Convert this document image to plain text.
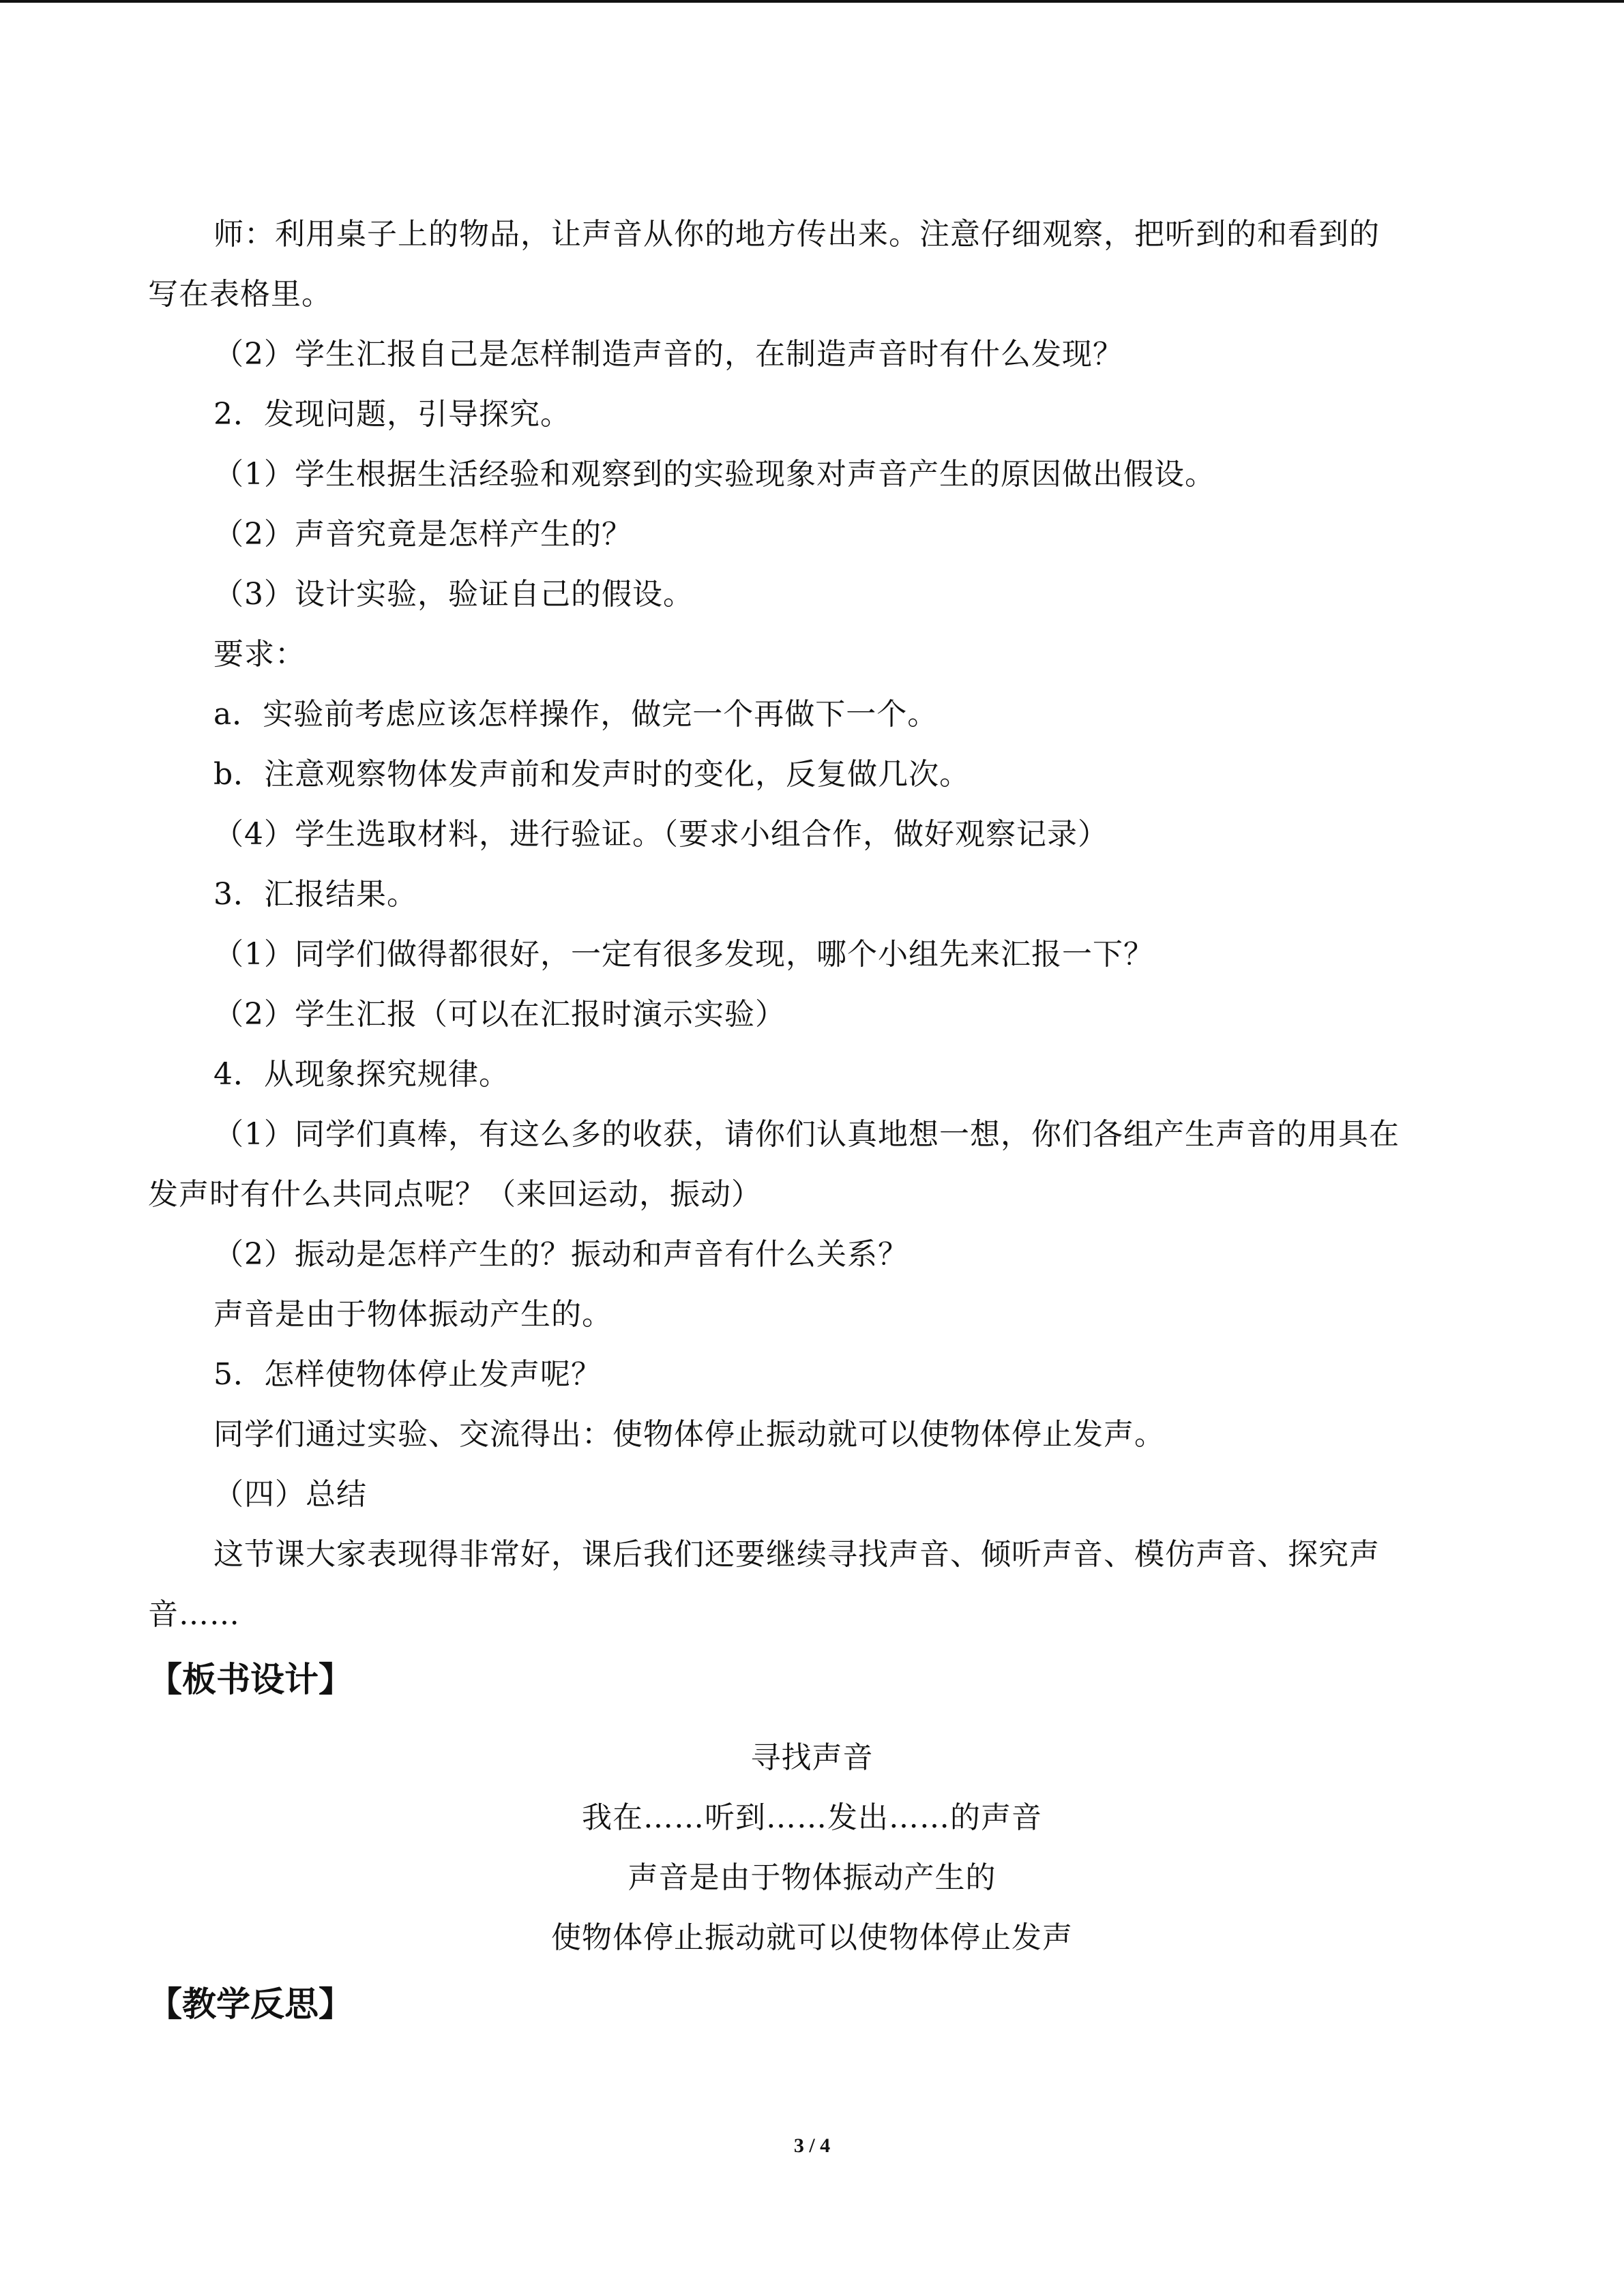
师：利用桌子上的物品，让声音从你的地方传出来。注意仔细观察，把听到的和看到的
写在表格里。
（2）学生汇报自己是怎样制造声音的，在制造声音时有什么发现？
2．发现问题，引导探究。
（1）学生根据生活经验和观察到的实验现象对声音产生的原因做出假设。
（2）声音究竟是怎样产生的？
（3）设计实验，验证自己的假设。
要求：
a．实验前考虑应该怎样操作，做完一个再做下一个。
b．注意观察物体发声前和发声时的变化，反复做几次。
（4）学生选取材料，进行验证。（要求小组合作，做好观察记录）
3．汇报结果。
（1）同学们做得都很好，一定有很多发现，哪个小组先来汇报一下？
（2）学生汇报（可以在汇报时演示实验）
4．从现象探究规律。
（1）同学们真棒，有这么多的收获，请你们认真地想一想，你们各组产生声音的用具在
发声时有什么共同点呢？（来回运动，振动）
（2）振动是怎样产生的？振动和声音有什么关系？
声音是由于物体振动产生的。
5．怎样使物体停止发声呢？
同学们通过实验、交流得出：使物体停止振动就可以使物体停止发声。
（四）总结
这节课大家表现得非常好，课后我们还要继续寻找声音、倾听声音、模仿声音、探究声
音……
【板书设计】
寻找声音
我在……听到……发出……的声音
声音是由于物体振动产生的
使物体停止振动就可以使物体停止发声
【教学反思】
3 / 4
